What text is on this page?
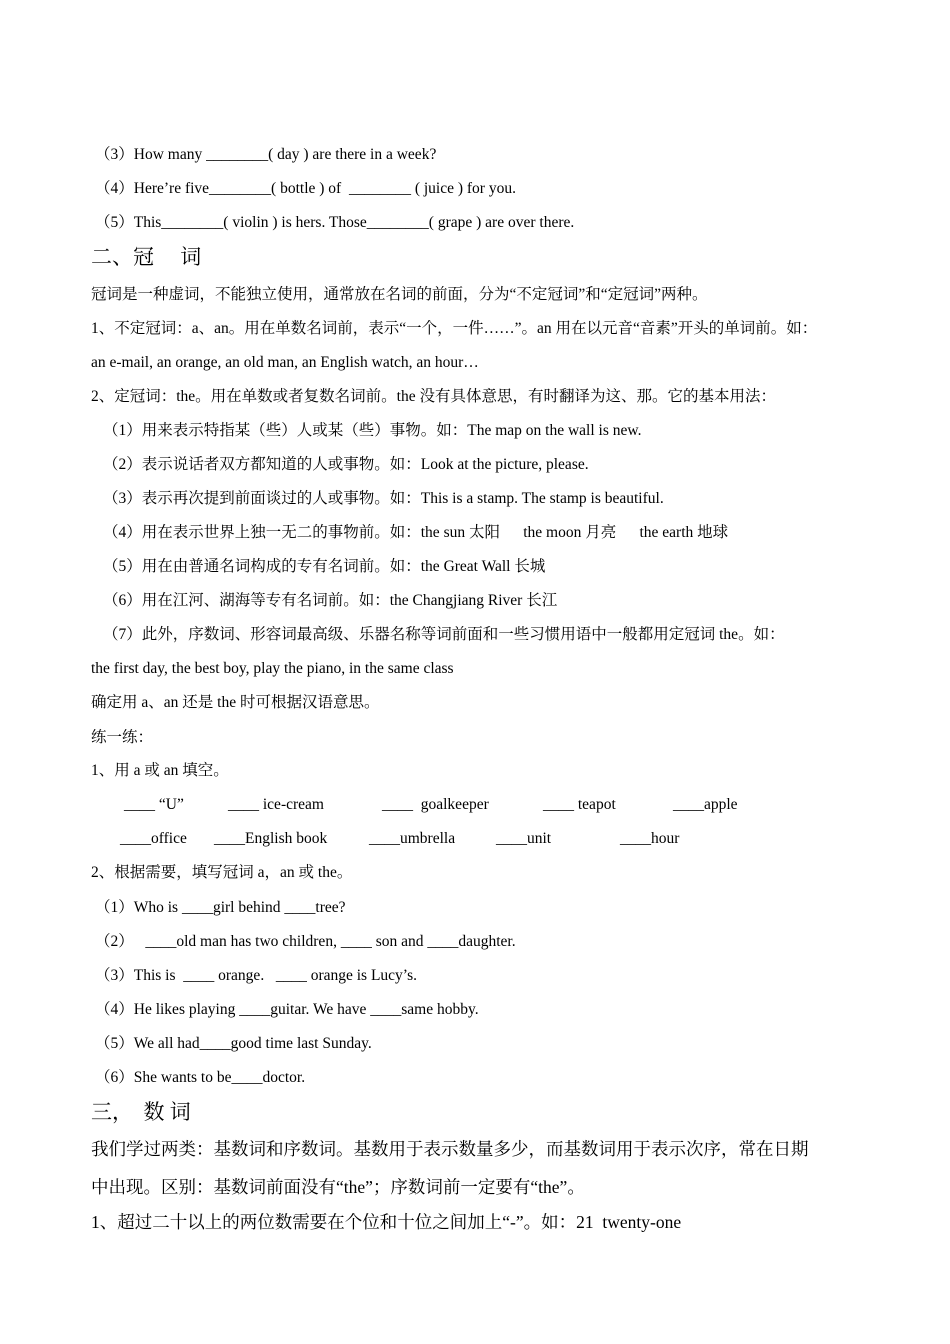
（3）How many ________( day ) are there in a week?
（4）Here’re five________( bottle ) of  ________ ( juice ) for you.
（5）This________( violin ) is hers. Those________( grape ) are over there.
二、冠　 词
冠词是一种虚词，不能独立使用，通常放在名词的前面，分为“不定冠词”和“定冠词”两种。
1、不定冠词：a、an。用在单数名词前，表示“一个，一件……”。an 用在以元音“音素”开头的单词前。如：
an e-mail, an orange, an old man, an English watch, an hour…
2、定冠词：the。用在单数或者复数名词前。the 没有具体意思，有时翻译为这、那。它的基本用法：
（1）用来表示特指某（些）人或某（些）事物。如：The map on the wall is new.
（2）表示说话者双方都知道的人或事物。如：Look at the picture, please.
（3）表示再次提到前面谈过的人或事物。如：This is a stamp. The stamp is beautiful.
（4）用在表示世界上独一无二的事物前。如：the sun 太阳　  the moon 月亮　  the earth 地球
（5）用在由普通名词构成的专有名词前。如：the Great Wall 长城
（6）用在江河、湖海等专有名词前。如：the Changjiang River 长江
（7）此外，序数词、形容词最高级、乐器名称等词前面和一些习惯用语中一般都用定冠词 the。如：
the first day, the best boy, play the piano, in the same class
确定用 a、an 还是 the 时可根据汉语意思。
练一练：
1、用 a 或 an 填空。
____ “U”	____ ice-cream	____  goalkeeper	____ teapot	____apple
____office ____English book	____umbrella	____unit	____hour
2、根据需要，填写冠词 a，an 或 the。
（1）Who is ____girl behind ____tree?
（2）   ____old man has two children, ____ son and ____daughter.
（3）This is  ____ orange.   ____ orange is Lucy’s.
（4）He likes playing ____guitar. We have ____same hobby.
（5）We all had____good time last Sunday.
（6）She wants to be____doctor.
三，　数 词
我们学过两类：基数词和序数词。基数用于表示数量多少，而基数词用于表示次序，常在日期
中出现。区别：基数词前面没有“the”；序数词前一定要有“the”。
1、超过二十以上的两位数需要在个位和十位之间加上“-”。如：21  twenty-one
